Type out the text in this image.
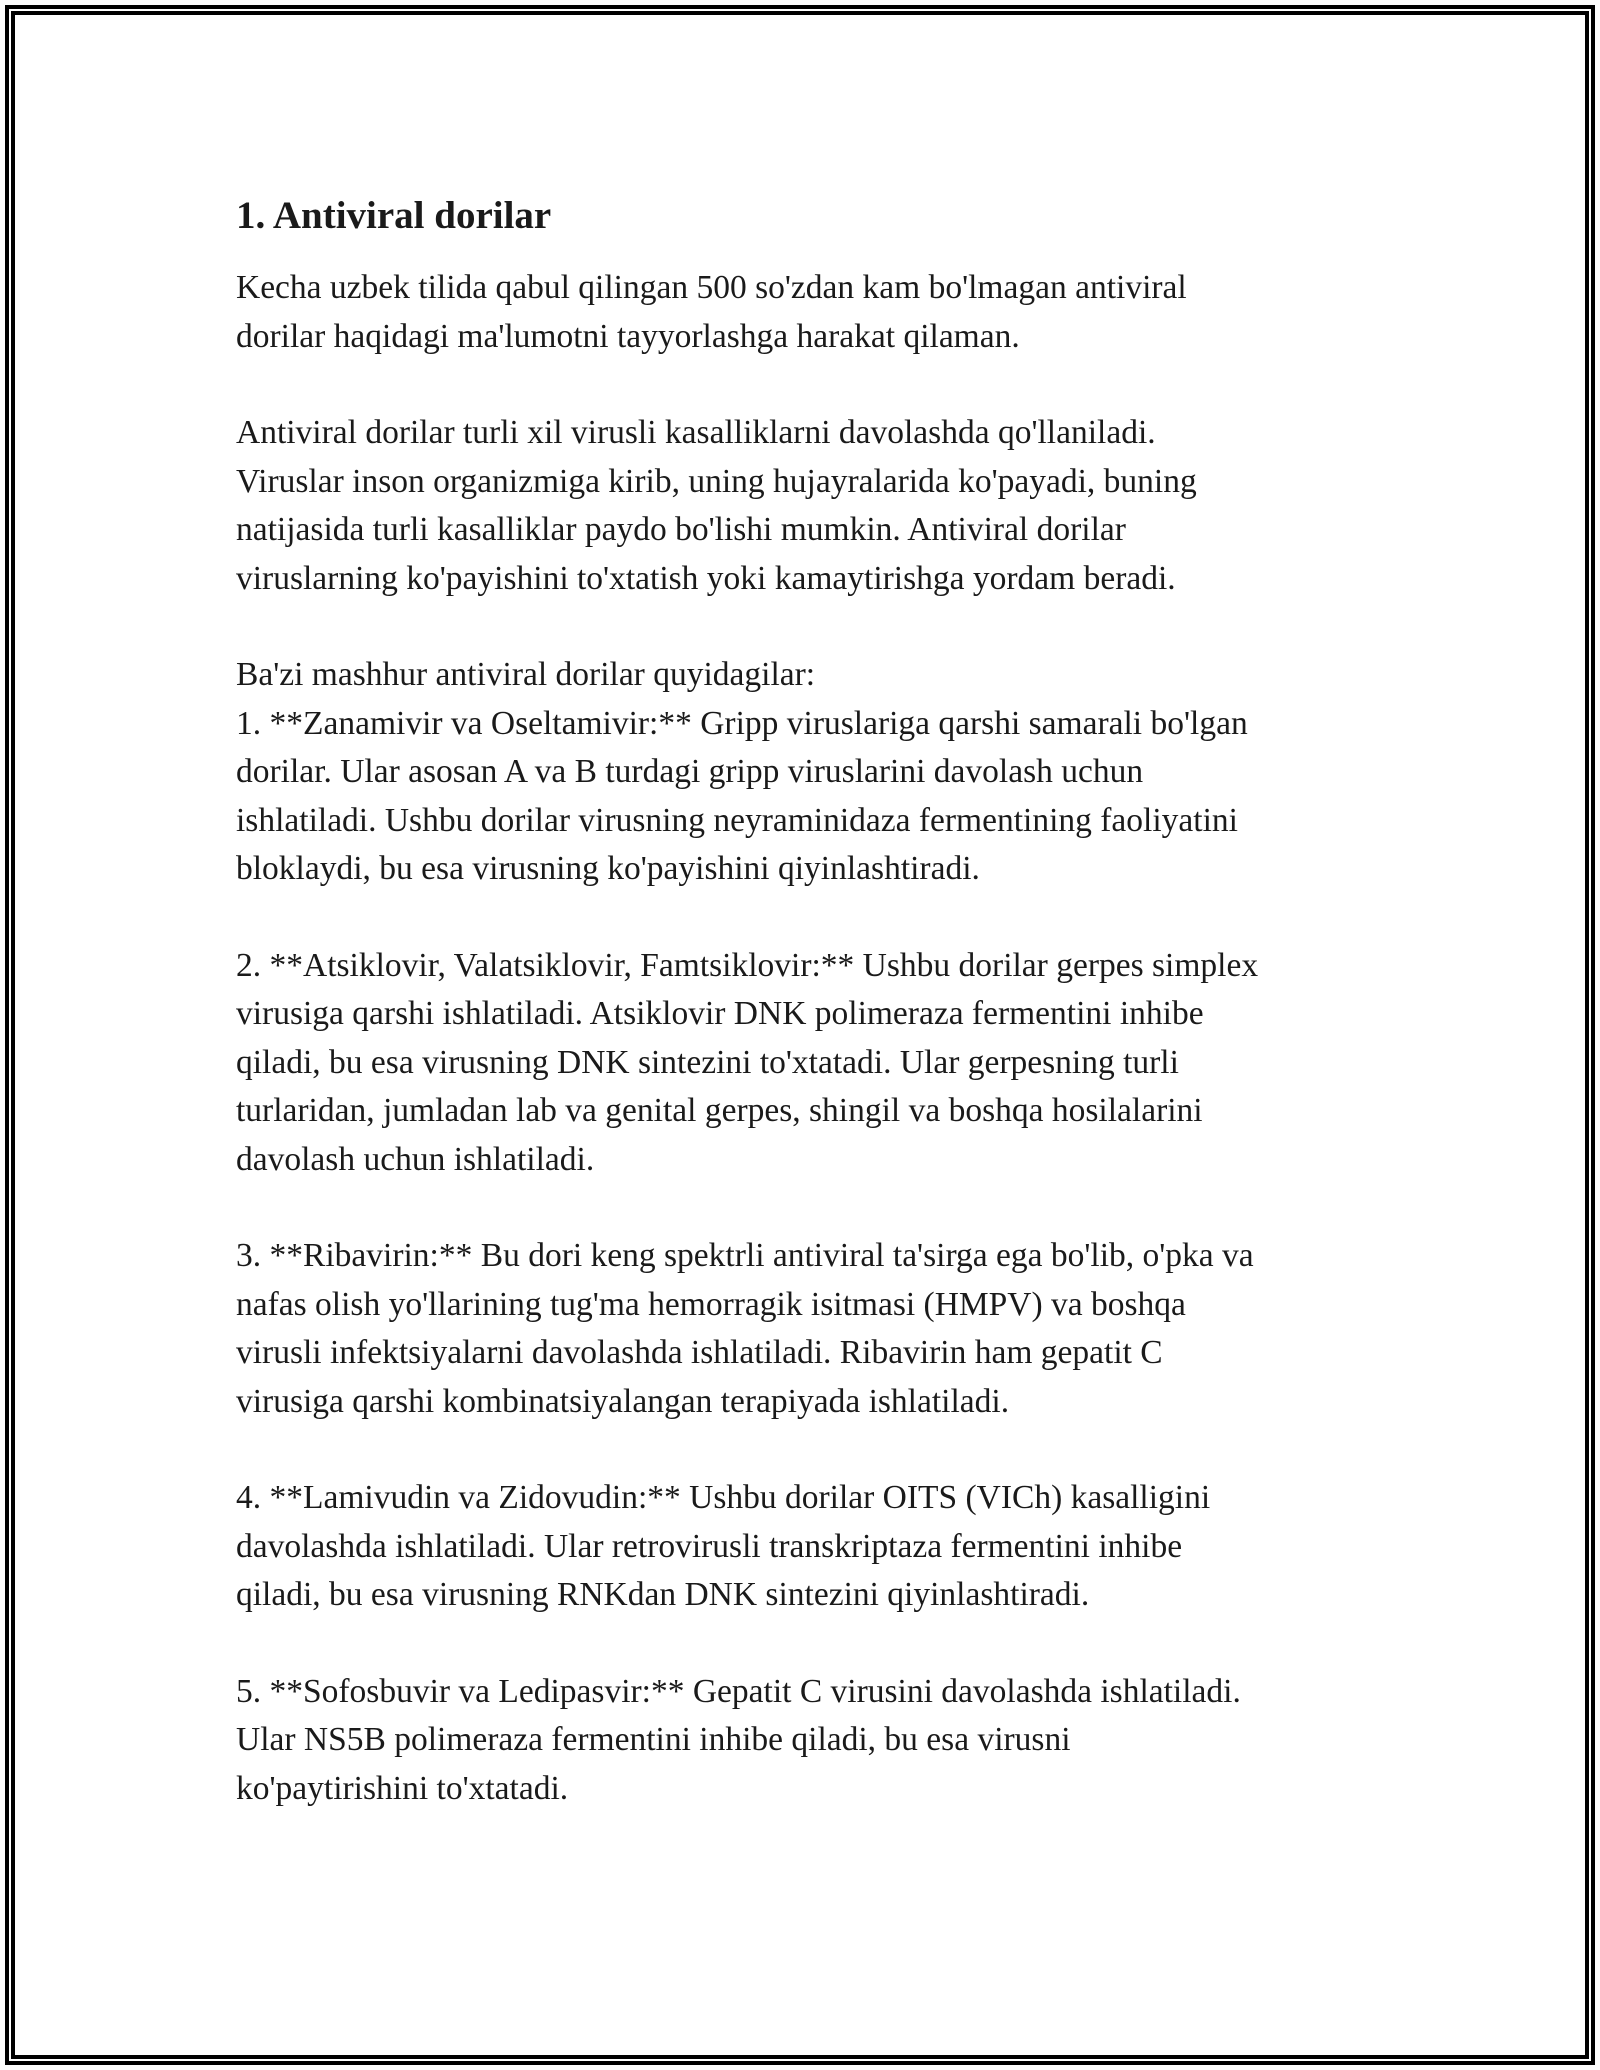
1. Antiviral dorilar

Kecha uzbek tilida qabul qilingan 500 so'zdan kam bo'lmagan antiviral

dorilar haqidagi ma'lumotni tayyorlashga harakat qilaman.

Antiviral dorilar turli xil virusli kasalliklarni davolashda qo'llaniladi.

Viruslar inson organizmiga kirib, uning hujayralarida ko'payadi, buning

natijasida turli kasalliklar paydo bo'lishi mumkin. Antiviral dorilar

viruslarning ko'payishini to'xtatish yoki kamaytirishga yordam beradi.

Ba'zi mashhur antiviral dorilar quyidagilar:

1. **Zanamivir va Oseltamivir:** Gripp viruslariga qarshi samarali bo'lgan

dorilar. Ular asosan A va B turdagi gripp viruslarini davolash uchun

ishlatiladi. Ushbu dorilar virusning neyraminidaza fermentining faoliyatini

bloklaydi, bu esa virusning ko'payishini qiyinlashtiradi.

2. **Atsiklovir, Valatsiklovir, Famtsiklovir:** Ushbu dorilar gerpes simplex

virusiga qarshi ishlatiladi. Atsiklovir DNK polimeraza fermentini inhibe

qiladi, bu esa virusning DNK sintezini to'xtatadi. Ular gerpesning turli

turlaridan, jumladan lab va genital gerpes, shingil va boshqa hosilalarini

davolash uchun ishlatiladi.

3. **Ribavirin:** Bu dori keng spektrli antiviral ta'sirga ega bo'lib, o'pka va

nafas olish yo'llarining tug'ma hemorragik isitmasi (HMPV) va boshqa

virusli infektsiyalarni davolashda ishlatiladi. Ribavirin ham gepatit C

virusiga qarshi kombinatsiyalangan terapiyada ishlatiladi.

4. **Lamivudin va Zidovudin:** Ushbu dorilar OITS (VICh) kasalligini

davolashda ishlatiladi. Ular retrovirusli transkriptaza fermentini inhibe

qiladi, bu esa virusning RNKdan DNK sintezini qiyinlashtiradi.

5. **Sofosbuvir va Ledipasvir:** Gepatit C virusini davolashda ishlatiladi.

Ular NS5B polimeraza fermentini inhibe qiladi, bu esa virusni

ko'paytirishini to'xtatadi.
